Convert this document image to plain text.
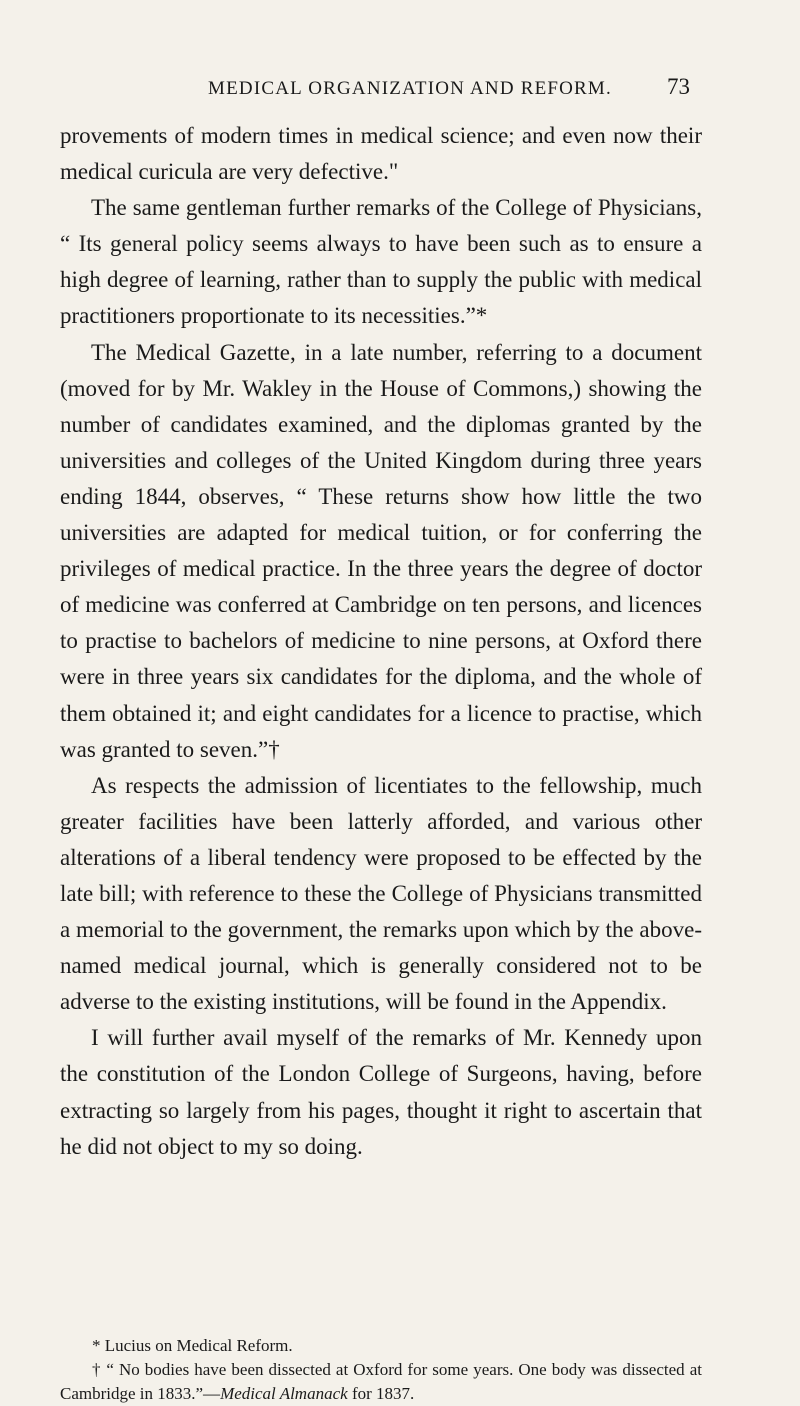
MEDICAL ORGANIZATION AND REFORM.	73

provements of modern times in medical science; and even now their medical curicula are very defective."

The same gentleman further remarks of the College of Physicians, “ Its general policy seems always to have been such as to ensure a high degree of learning, rather than to supply the public with medical practitioners proportionate to its necessities.”*

The Medical Gazette, in a late number, referring to a document (moved for by Mr. Wakley in the House of Commons,) showing the number of candidates examined, and the diplomas granted by the universities and colleges of the United Kingdom during three years ending 1844, observes, “ These returns show how little the two universities are adapted for medical tuition, or for conferring the privileges of medical practice. In the three years the degree of doctor of medicine was conferred at Cambridge on ten persons, and licences to practise to bachelors of medicine to nine persons, at Oxford there were in three years six candidates for the diploma, and the whole of them obtained it; and eight candidates for a licence to practise, which was granted to seven.”†

As respects the admission of licentiates to the fellowship, much greater facilities have been latterly afforded, and various other alterations of a liberal tendency were proposed to be effected by the late bill; with reference to these the College of Physicians transmitted a memorial to the government, the remarks upon which by the above-named medical journal, which is generally considered not to be adverse to the existing institutions, will be found in the Appendix.

I will further avail myself of the remarks of Mr. Kennedy upon the constitution of the London College of Surgeons, having, before extracting so largely from his pages, thought it right to ascertain that he did not object to my so doing.

* Lucius on Medical Reform.

† “ No bodies have been dissected at Oxford for some years. One body was dissected at Cambridge in 1833.”—Medical Almanack for 1837.
